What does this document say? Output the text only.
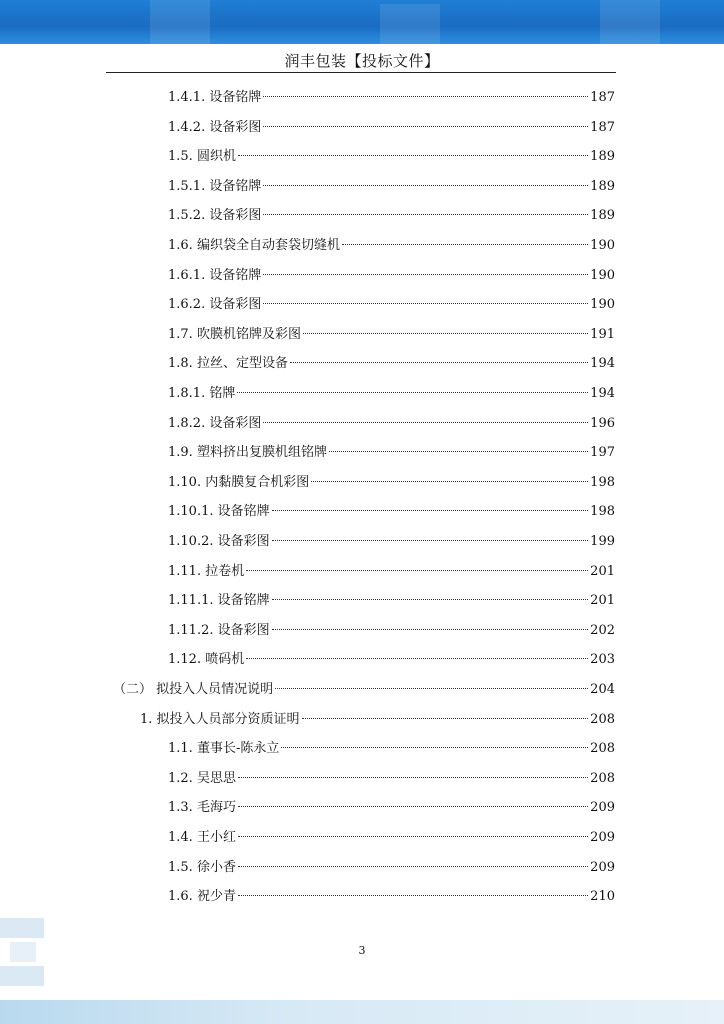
润丰包装【投标文件】
1.4.1. 设备铭牌	187
1.4.2. 设备彩图	187
1.5. 圆织机	189
1.5.1. 设备铭牌	189
1.5.2. 设备彩图	189
1.6. 编织袋全自动套袋切缝机	190
1.6.1. 设备铭牌	190
1.6.2. 设备彩图	190
1.7. 吹膜机铭牌及彩图	191
1.8. 拉丝、定型设备	194
1.8.1. 铭牌	194
1.8.2. 设备彩图	196
1.9. 塑料挤出复膜机组铭牌	197
1.10. 内黏膜复合机彩图	198
1.10.1. 设备铭牌	198
1.10.2. 设备彩图	199
1.11. 拉卷机	201
1.11.1. 设备铭牌	201
1.11.2. 设备彩图	202
1.12. 喷码机	203
（二） 拟投入人员情况说明	204
1. 拟投入人员部分资质证明	208
1.1. 董事长-陈永立	208
1.2. 吴思思	208
1.3. 毛海巧	209
1.4. 王小红	209
1.5. 徐小香	209
1.6. 祝少青	210
3
